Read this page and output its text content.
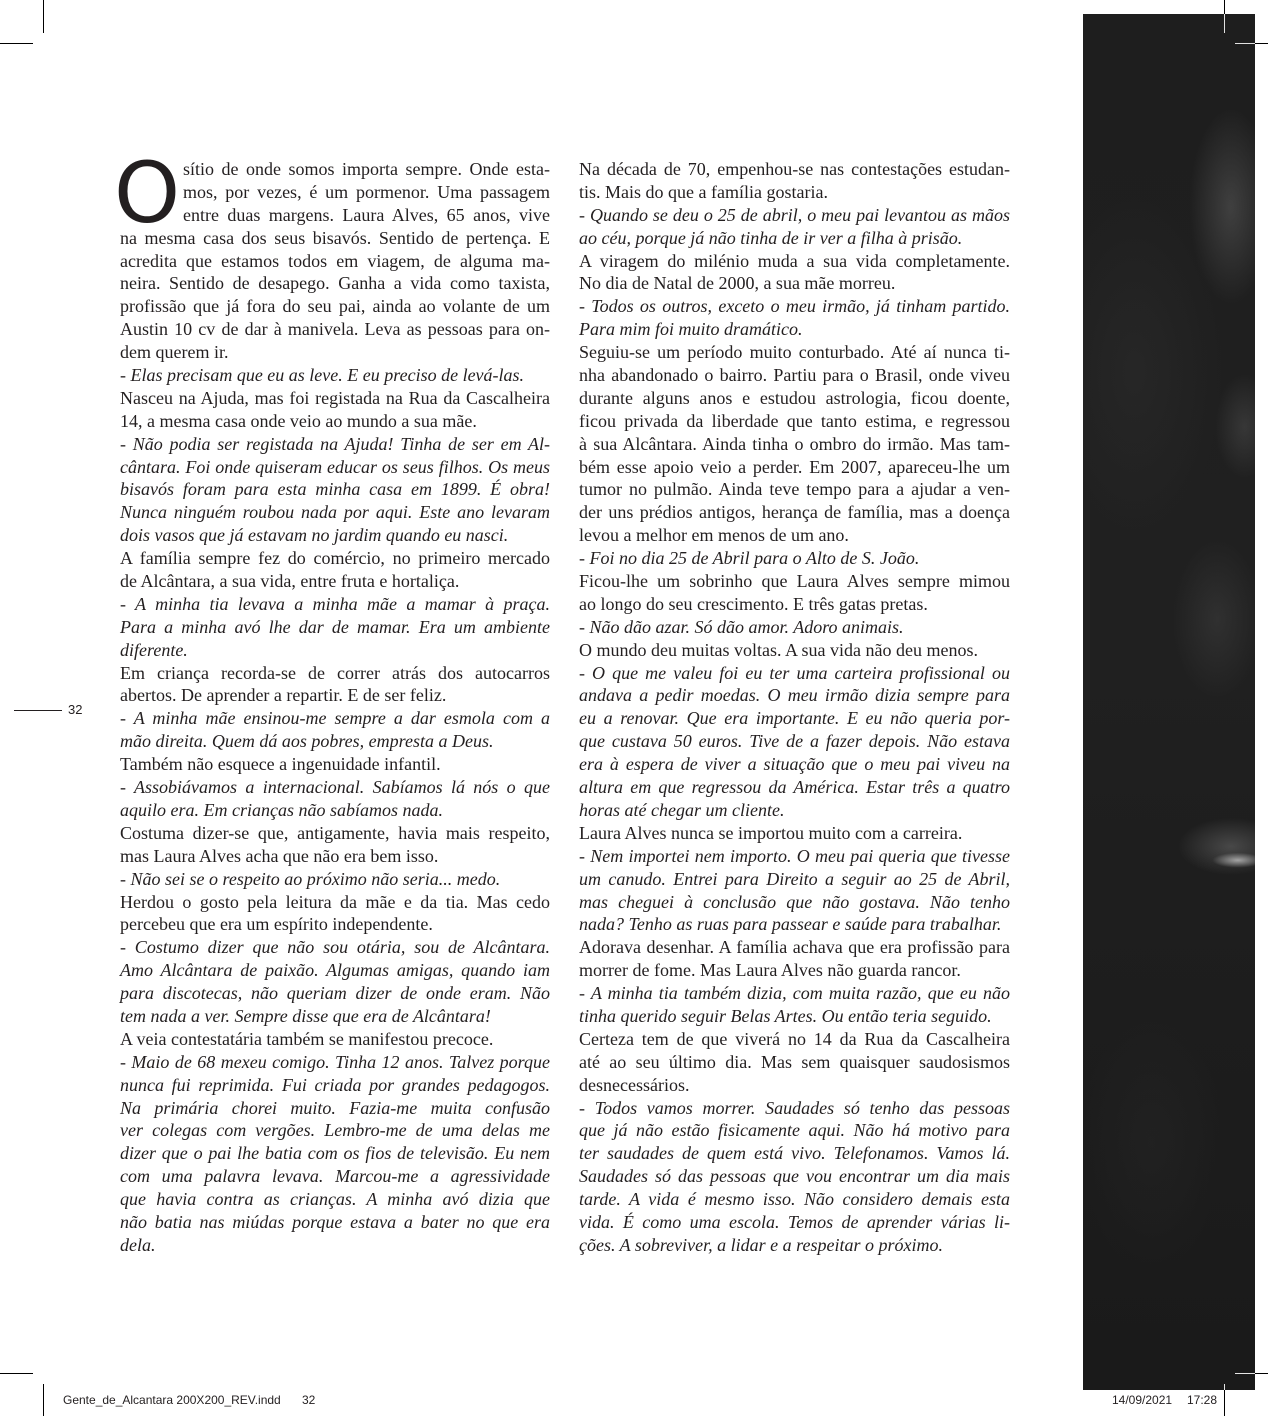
32
O sítio de onde somos importa sempre. Onde esta-
mos, por vezes, é um pormenor. Uma passagem
entre duas margens. Laura Alves, 65 anos, vive
na mesma casa dos seus bisavós. Sentido de pertença. E
acredita que estamos todos em viagem, de alguma ma-
neira. Sentido de desapego. Ganha a vida como taxista,
profissão que já fora do seu pai, ainda ao volante de um
Austin 10 cv de dar à manivela. Leva as pessoas para on-
dem querem ir.
- Elas precisam que eu as leve. E eu preciso de levá-las.
Nasceu na Ajuda, mas foi registada na Rua da Cascalheira
14, a mesma casa onde veio ao mundo a sua mãe.
- Não podia ser registada na Ajuda! Tinha de ser em Al-
cântara. Foi onde quiseram educar os seus filhos. Os meus
bisavós foram para esta minha casa em 1899. É obra!
Nunca ninguém roubou nada por aqui. Este ano levaram
dois vasos que já estavam no jardim quando eu nasci.
A família sempre fez do comércio, no primeiro mercado
de Alcântara, a sua vida, entre fruta e hortaliça.
- A minha tia levava a minha mãe a mamar à praça.
Para a minha avó lhe dar de mamar. Era um ambiente
diferente.
Em criança recorda-se de correr atrás dos autocarros
abertos. De aprender a repartir. E de ser feliz.
- A minha mãe ensinou-me sempre a dar esmola com a
mão direita. Quem dá aos pobres, empresta a Deus.
Também não esquece a ingenuidade infantil.
- Assobiávamos a internacional. Sabíamos lá nós o que
aquilo era. Em crianças não sabíamos nada.
Costuma dizer-se que, antigamente, havia mais respeito,
mas Laura Alves acha que não era bem isso.
- Não sei se o respeito ao próximo não seria... medo.
Herdou o gosto pela leitura da mãe e da tia. Mas cedo
percebeu que era um espírito independente.
- Costumo dizer que não sou otária, sou de Alcântara.
Amo Alcântara de paixão. Algumas amigas, quando iam
para discotecas, não queriam dizer de onde eram. Não
tem nada a ver. Sempre disse que era de Alcântara!
A veia contestatária também se manifestou precoce.
- Maio de 68 mexeu comigo. Tinha 12 anos. Talvez porque
nunca fui reprimida. Fui criada por grandes pedagogos.
Na primária chorei muito. Fazia-me muita confusão
ver colegas com vergões. Lembro-me de uma delas me
dizer que o pai lhe batia com os fios de televisão. Eu nem
com uma palavra levava. Marcou-me a agressividade
que havia contra as crianças. A minha avó dizia que
não batia nas miúdas porque estava a bater no que era
dela.
Na década de 70, empenhou-se nas contestações estudan-
tis. Mais do que a família gostaria.
- Quando se deu o 25 de abril, o meu pai levantou as mãos
ao céu, porque já não tinha de ir ver a filha à prisão.
A viragem do milénio muda a sua vida completamente.
No dia de Natal de 2000, a sua mãe morreu.
- Todos os outros, exceto o meu irmão, já tinham partido.
Para mim foi muito dramático.
Seguiu-se um período muito conturbado. Até aí nunca ti-
nha abandonado o bairro. Partiu para o Brasil, onde viveu
durante alguns anos e estudou astrologia, ficou doente,
ficou privada da liberdade que tanto estima, e regressou
à sua Alcântara. Ainda tinha o ombro do irmão. Mas tam-
bém esse apoio veio a perder. Em 2007, apareceu-lhe um
tumor no pulmão. Ainda teve tempo para a ajudar a ven-
der uns prédios antigos, herança de família, mas a doença
levou a melhor em menos de um ano.
- Foi no dia 25 de Abril para o Alto de S. João.
Ficou-lhe um sobrinho que Laura Alves sempre mimou
ao longo do seu crescimento. E três gatas pretas.
- Não dão azar. Só dão amor. Adoro animais.
O mundo deu muitas voltas. A sua vida não deu menos.
- O que me valeu foi eu ter uma carteira profissional ou
andava a pedir moedas. O meu irmão dizia sempre para
eu a renovar. Que era importante. E eu não queria por-
que custava 50 euros. Tive de a fazer depois. Não estava
era à espera de viver a situação que o meu pai viveu na
altura em que regressou da América. Estar três a quatro
horas até chegar um cliente.
Laura Alves nunca se importou muito com a carreira.
- Nem importei nem importo. O meu pai queria que tivesse
um canudo. Entrei para Direito a seguir ao 25 de Abril,
mas cheguei à conclusão que não gostava. Não tenho
nada? Tenho as ruas para passear e saúde para trabalhar.
Adorava desenhar. A família achava que era profissão para
morrer de fome. Mas Laura Alves não guarda rancor.
- A minha tia também dizia, com muita razão, que eu não
tinha querido seguir Belas Artes. Ou então teria seguido.
Certeza tem de que viverá no 14 da Rua da Cascalheira
até ao seu último dia. Mas sem quaisquer saudosismos
desnecessários.
- Todos vamos morrer. Saudades só tenho das pessoas
que já não estão fisicamente aqui. Não há motivo para
ter saudades de quem está vivo. Telefonamos. Vamos lá.
Saudades só das pessoas que vou encontrar um dia mais
tarde. A vida é mesmo isso. Não considero demais esta
vida. É como uma escola. Temos de aprender várias li-
ções. A sobreviver, a lidar e a respeitar o próximo.
Gente_de_Alcantara 200X200_REV.indd 32	14/09/2021 17:28
